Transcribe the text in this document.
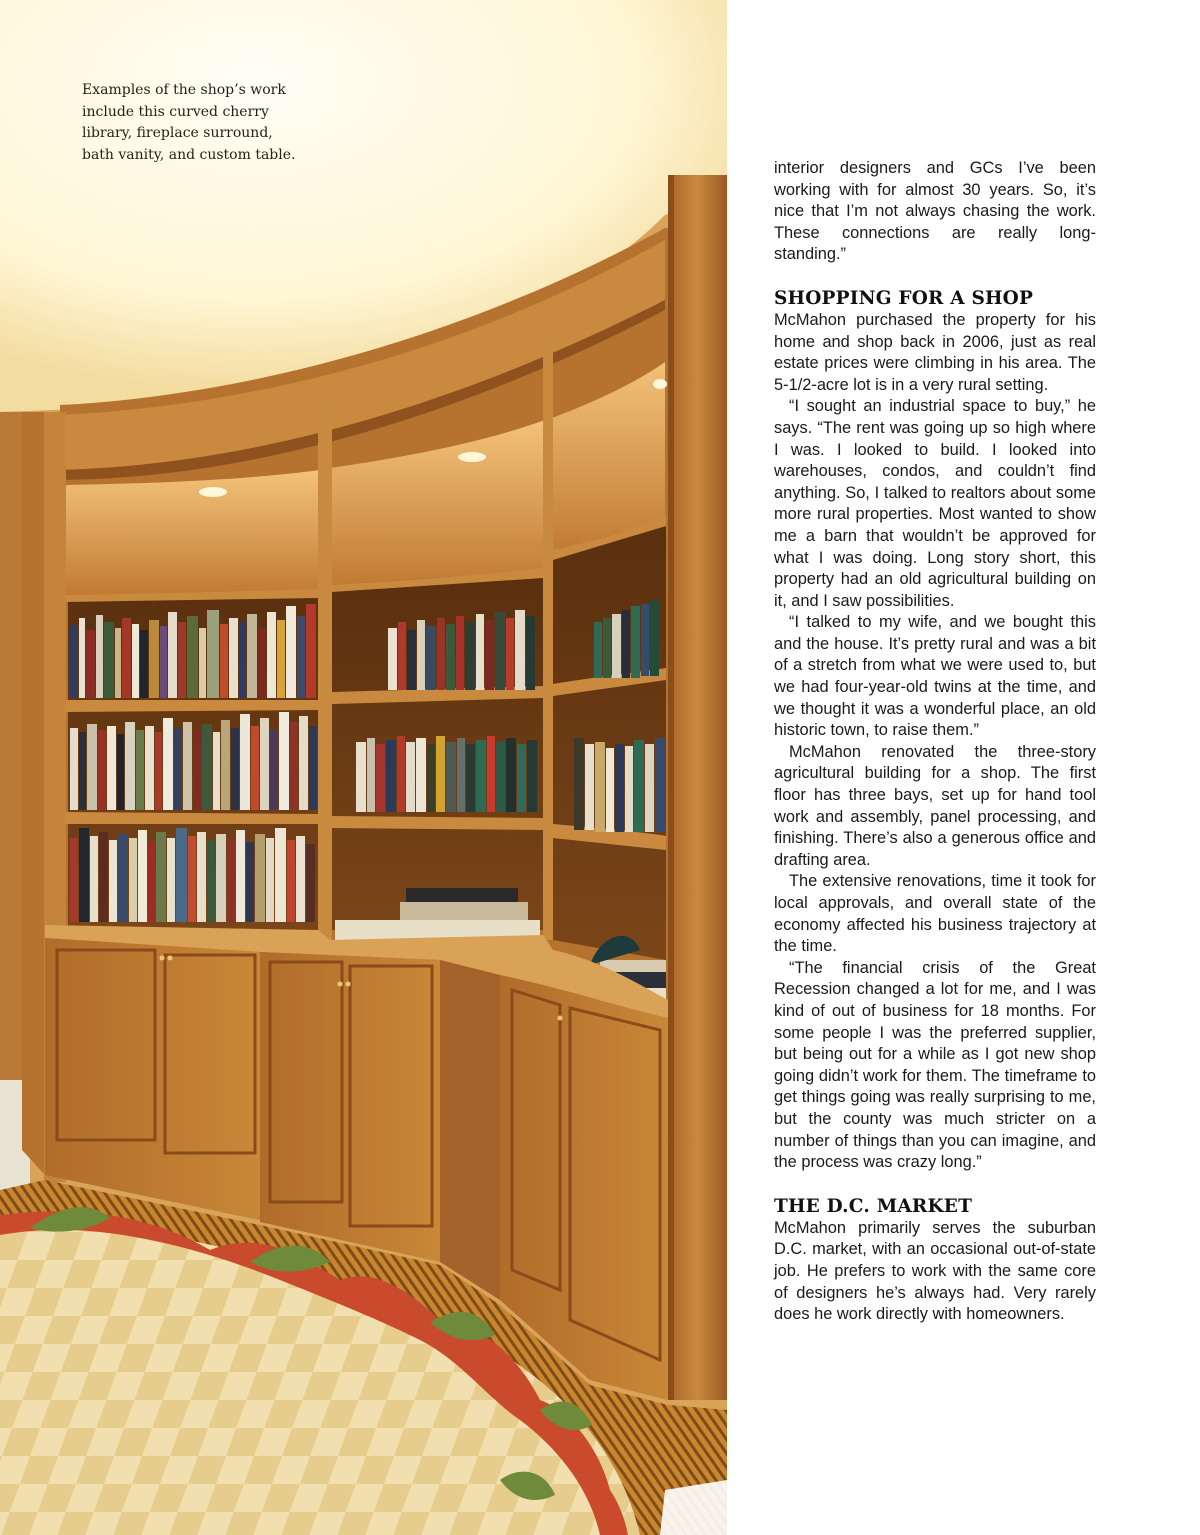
Examples of the shop’s work
include this curved cherry
library, fireplace surround,
bath vanity, and custom table.

interior designers and GCs I’ve been working with for almost 30 years. So, it’s nice that I’m not always chasing the work. These connections are really long-standing.”

SHOPPING FOR A SHOP

McMahon purchased the property for his home and shop back in 2006, just as real estate prices were climbing in his area. The 5-1/2-acre lot is in a very rural setting.

“I sought an industrial space to buy,” he says. “The rent was going up so high where I was. I looked to build. I looked into warehouses, condos, and couldn’t find anything. So, I talked to realtors about some more rural properties. Most wanted to show me a barn that wouldn’t be approved for what I was doing. Long story short, this property had an old agricultural building on it, and I saw possibilities.

“I talked to my wife, and we bought this and the house. It’s pretty rural and was a bit of a stretch from what we were used to, but we had four-year-old twins at the time, and we thought it was a wonderful place, an old historic town, to raise them.”

McMahon renovated the three-story agricultural building for a shop. The first floor has three bays, set up for hand tool work and assembly, panel processing, and finishing. There’s also a generous office and drafting area.

The extensive renovations, time it took for local approvals, and overall state of the economy affected his business trajectory at the time.

“The financial crisis of the Great Recession changed a lot for me, and I was kind of out of business for 18 months. For some people I was the preferred supplier, but being out for a while as I got new shop going didn’t work for them. The timeframe to get things going was really surprising to me, but the county was much stricter on a number of things than you can imagine, and the process was crazy long.”

THE D.C. MARKET

McMahon primarily serves the suburban D.C. market, with an occasional out-of-state job. He prefers to work with the same core of designers he’s always had. Very rarely does he work directly with homeowners.
